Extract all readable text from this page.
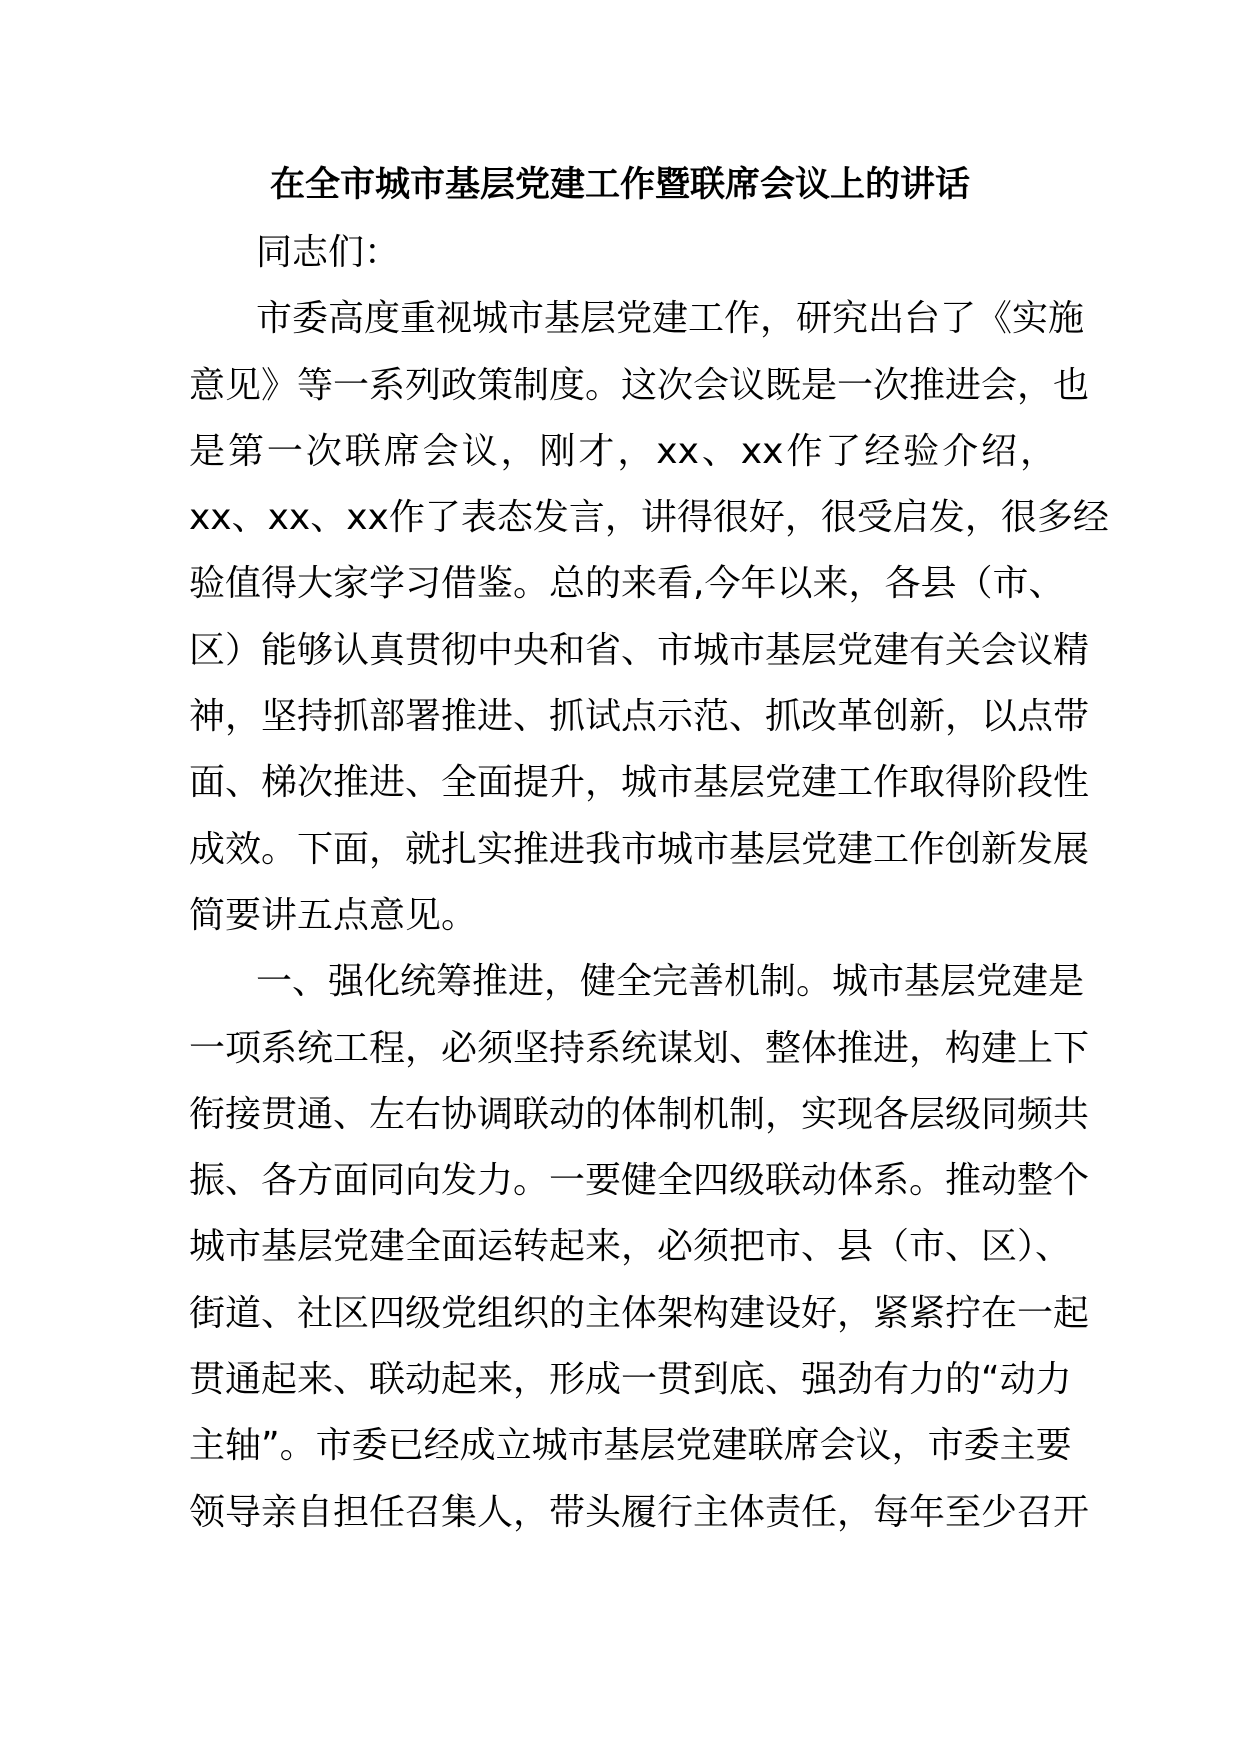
在全市城市基层党建工作暨联席会议上的讲话
同志们：
市委高度重视城市基层党建工作，研究出台了《实施
意见》等一系列政策制度。这次会议既是一次推进会，也
是第一次联席会议，刚才，xx、xx作了经验介绍，
xx、xx、xx作了表态发言，讲得很好，很受启发，很多经
验值得大家学习借鉴。总的来看,今年以来，各县（市、
区）能够认真贯彻中央和省、市城市基层党建有关会议精
神，坚持抓部署推进、抓试点示范、抓改革创新，以点带
面、梯次推进、全面提升，城市基层党建工作取得阶段性
成效。下面，就扎实推进我市城市基层党建工作创新发展
简要讲五点意见。
一、强化统筹推进，健全完善机制。城市基层党建是
一项系统工程，必须坚持系统谋划、整体推进，构建上下
衔接贯通、左右协调联动的体制机制，实现各层级同频共
振、各方面同向发力。一要健全四级联动体系。推动整个
城市基层党建全面运转起来，必须把市、县（市、区）、
街道、社区四级党组织的主体架构建设好，紧紧拧在一起
贯通起来、联动起来，形成一贯到底、强劲有力的“动力
主轴”。市委已经成立城市基层党建联席会议，市委主要
领导亲自担任召集人，带头履行主体责任，每年至少召开
